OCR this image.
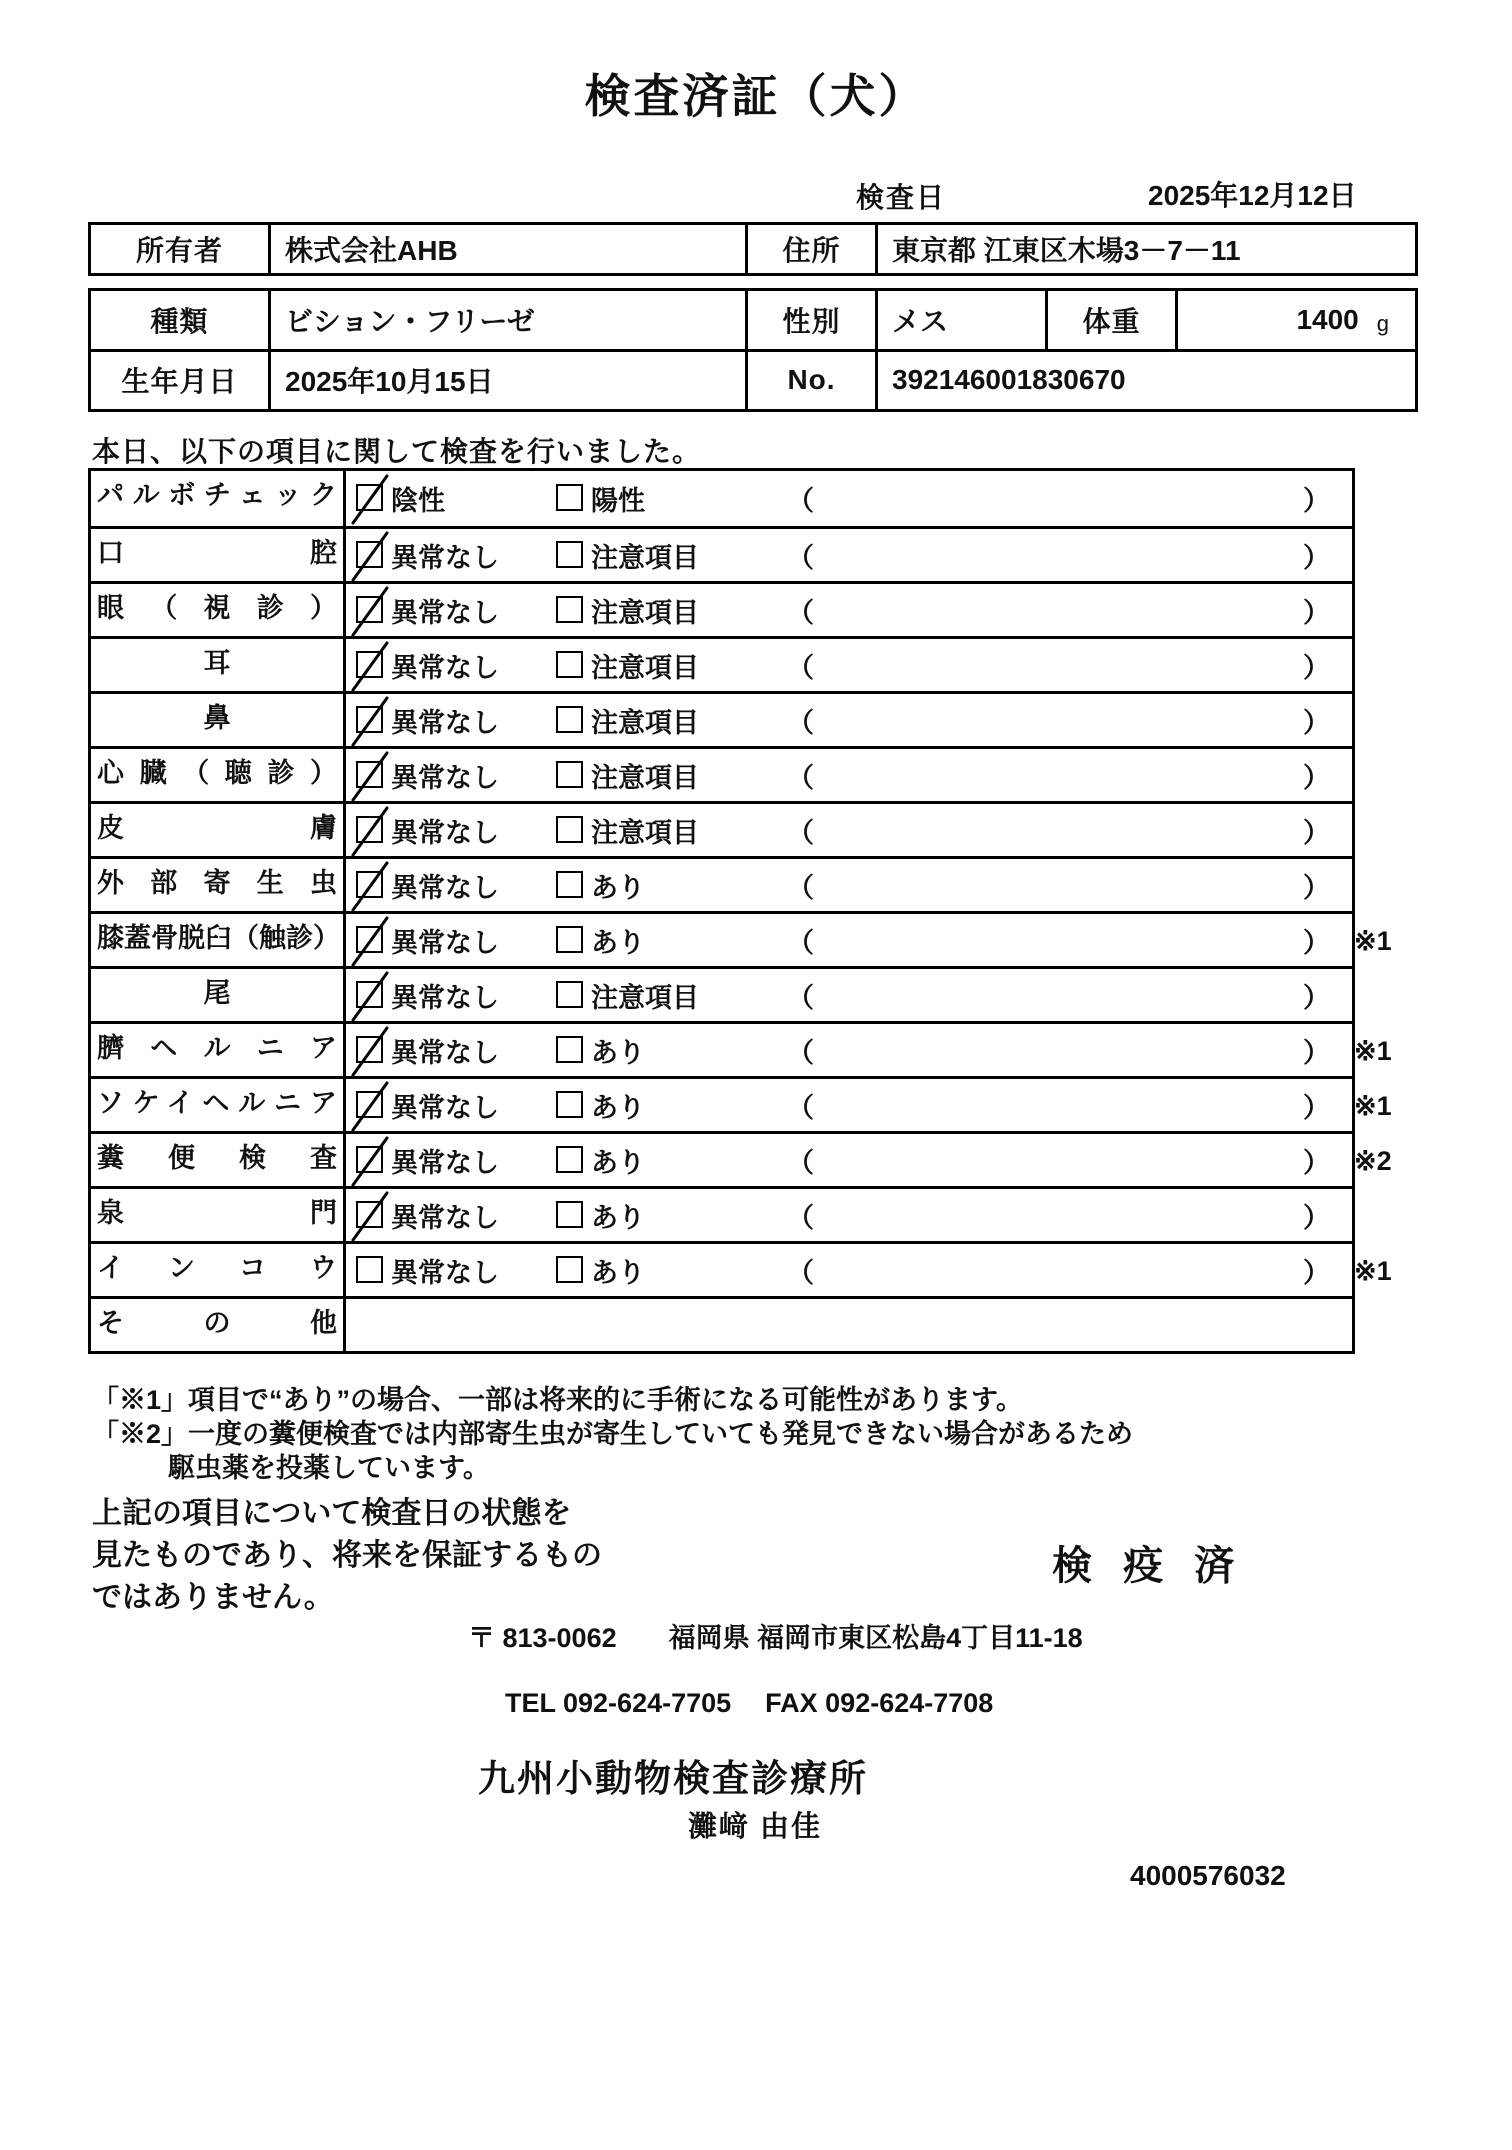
検査済証（犬）
検査日	2025年12月12日
所有者	株式会社AHB	住所	東京都 江東区木場3－7－11
種類	ビション・フリーゼ	性別	メス	体重	1400 g
生年月日	2025年10月15日	No.	392146001830670
本日、以下の項目に関して検査を行いました。
パルボチェック	陰性	陽性	（	）
口腔	異常なし	注意項目	（	）
眼（視診）	異常なし	注意項目	（	）
耳	異常なし	注意項目	（	）
鼻	異常なし	注意項目	（	）
心臓（聴診）	異常なし	注意項目	（	）
皮膚	異常なし	注意項目	（	）
外部寄生虫	異常なし	あり	（	）
膝蓋骨脱臼（触診） 異常なし	あり	（	） ※1
尾	異常なし	注意項目	（	）
臍ヘルニア	異常なし	あり	（	） ※1
ソケイヘルニア	異常なし	あり	（	） ※1
糞便検査	異常なし	あり	（	） ※2
泉門	異常なし	あり	（	）
インコウ	異常なし	あり	（	） ※1
その他
「※1」項目で“あり”の場合、一部は将来的に手術になる可能性があります。
「※2」一度の糞便検査では内部寄生虫が寄生していても発見できない場合があるため
駆虫薬を投薬しています。
上記の項目について検査日の状態を
見たものであり、将来を保証するもの
ではありません。
検 疫 済
〒 813-0062 福岡県 福岡市東区松島4丁目11-18
TEL 092-624-7705 FAX 092-624-7708
九州小動物検査診療所
灘﨑 由佳
4000576032
